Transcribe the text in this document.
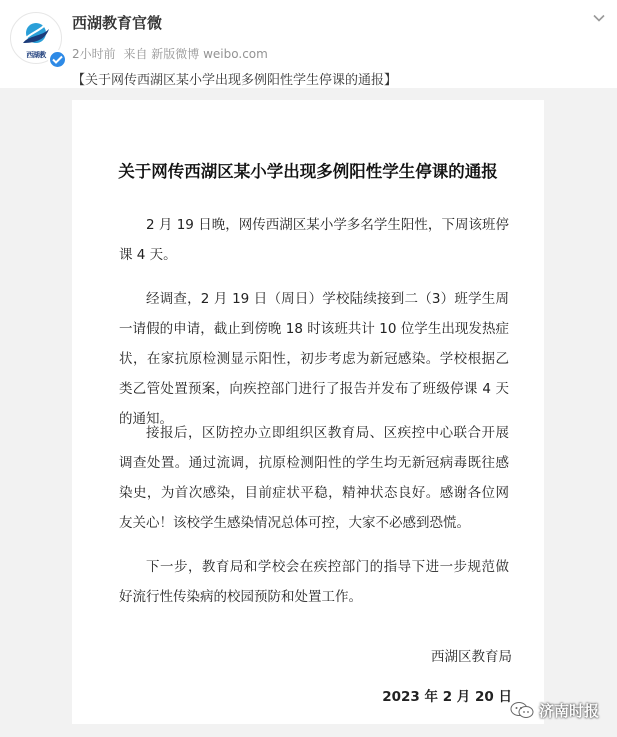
西湖教
西湖教育官微
2小时前 来自 新版微博 weibo.com
【关于网传西湖区某小学出现多例阳性学生停课的通报】
关于网传西湖区某小学出现多例阳性学生停课的通报
2 月 19 日晚，网传西湖区某小学多名学生阳性，下周该班停课 4 天。
经调查，2 月 19 日（周日）学校陆续接到二（3）班学生周一请假的申请，截止到傍晚 18 时该班共计 10 位学生出现发热症状，在家抗原检测显示阳性，初步考虑为新冠感染。学校根据乙类乙管处置预案，向疾控部门进行了报告并发布了班级停课 4 天的通知。
接报后，区防控办立即组织区教育局、区疾控中心联合开展调查处置。通过流调，抗原检测阳性的学生均无新冠病毒既往感染史，为首次感染，目前症状平稳，精神状态良好。感谢各位网友关心！该校学生感染情况总体可控，大家不必感到恐慌。
下一步，教育局和学校会在疾控部门的指导下进一步规范做好流行性传染病的校园预防和处置工作。
西湖区教育局
2023 年 2 月 20 日
济南时报
